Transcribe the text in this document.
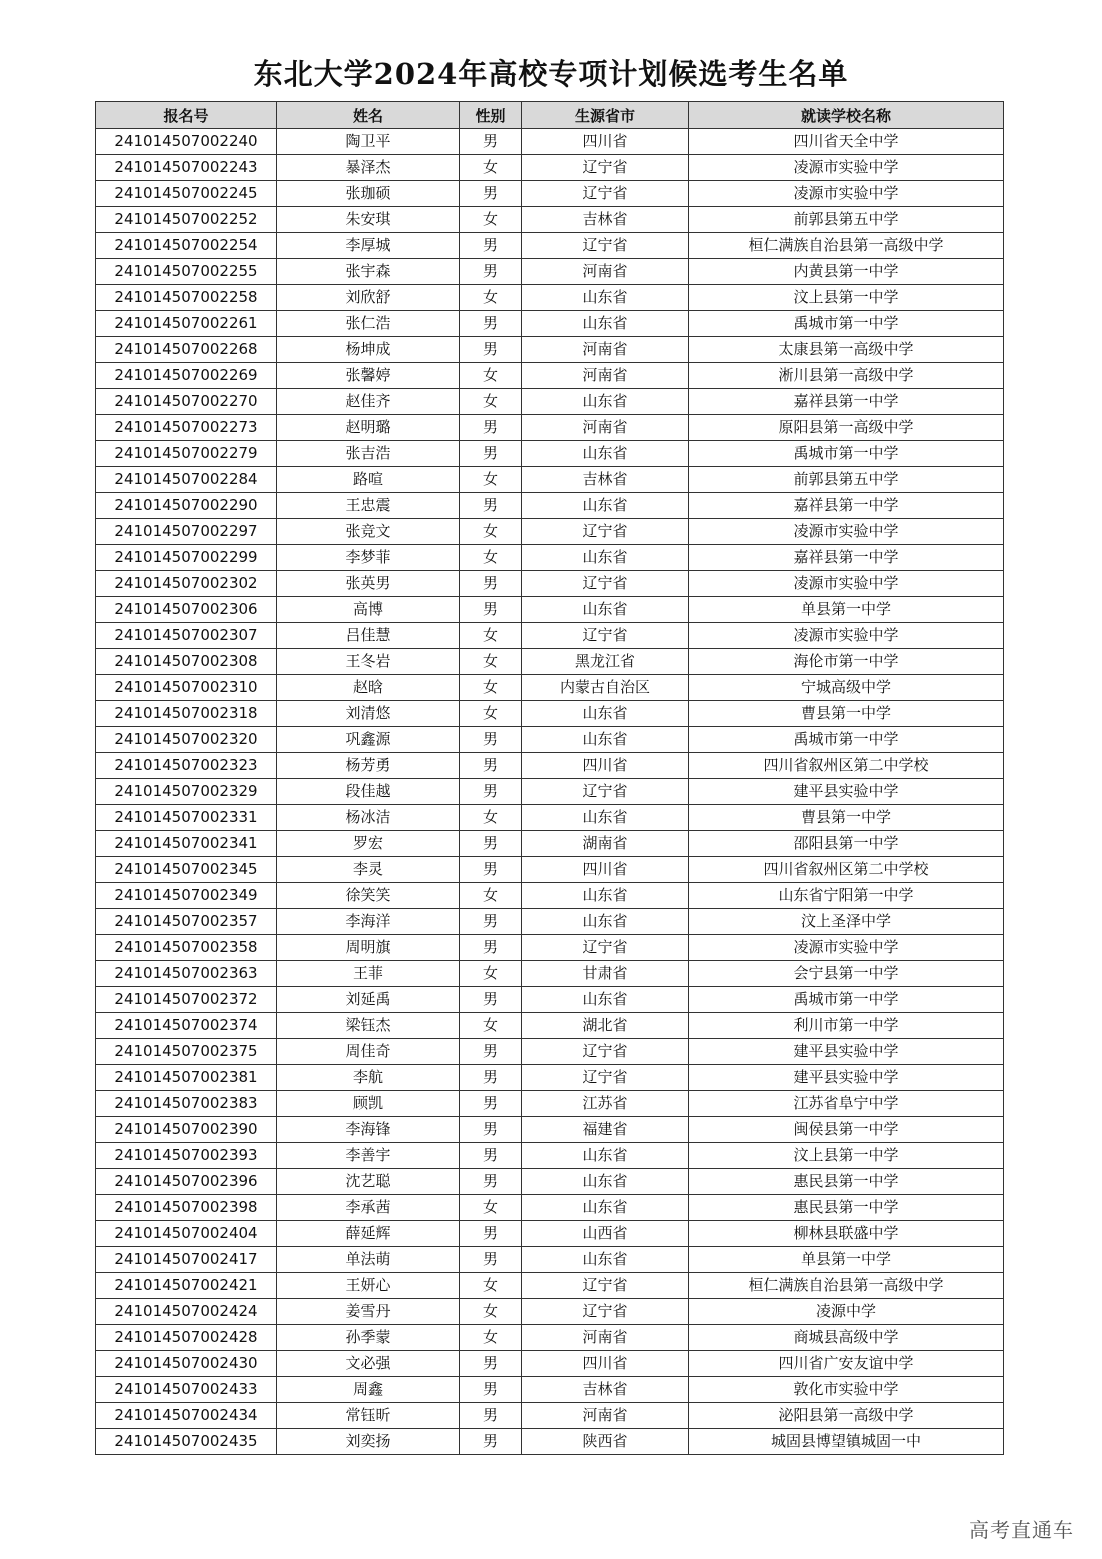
东北大学2024年高校专项计划候选考生名单
报名号	姓名	性别	生源省市	就读学校名称
241014507002240	陶卫平	男	四川省	四川省天全中学
241014507002243	暴泽杰	女	辽宁省	凌源市实验中学
241014507002245	张珈硕	男	辽宁省	凌源市实验中学
241014507002252	朱安琪	女	吉林省	前郭县第五中学
241014507002254	李厚城	男	辽宁省	桓仁满族自治县第一高级中学
241014507002255	张宇森	男	河南省	内黄县第一中学
241014507002258	刘欣舒	女	山东省	汶上县第一中学
241014507002261	张仁浩	男	山东省	禹城市第一中学
241014507002268	杨坤成	男	河南省	太康县第一高级中学
241014507002269	张馨婷	女	河南省	淅川县第一高级中学
241014507002270	赵佳齐	女	山东省	嘉祥县第一中学
241014507002273	赵明璐	男	河南省	原阳县第一高级中学
241014507002279	张吉浩	男	山东省	禹城市第一中学
241014507002284	路喧	女	吉林省	前郭县第五中学
241014507002290	王忠震	男	山东省	嘉祥县第一中学
241014507002297	张竞文	女	辽宁省	凌源市实验中学
241014507002299	李梦菲	女	山东省	嘉祥县第一中学
241014507002302	张英男	男	辽宁省	凌源市实验中学
241014507002306	高博	男	山东省	单县第一中学
241014507002307	吕佳慧	女	辽宁省	凌源市实验中学
241014507002308	王冬岩	女	黑龙江省	海伦市第一中学
241014507002310	赵晗	女	内蒙古自治区	宁城高级中学
241014507002318	刘清悠	女	山东省	曹县第一中学
241014507002320	巩鑫源	男	山东省	禹城市第一中学
241014507002323	杨芳勇	男	四川省	四川省叙州区第二中学校
241014507002329	段佳越	男	辽宁省	建平县实验中学
241014507002331	杨冰洁	女	山东省	曹县第一中学
241014507002341	罗宏	男	湖南省	邵阳县第一中学
241014507002345	李灵	男	四川省	四川省叙州区第二中学校
241014507002349	徐笑笑	女	山东省	山东省宁阳第一中学
241014507002357	李海洋	男	山东省	汶上圣泽中学
241014507002358	周明旗	男	辽宁省	凌源市实验中学
241014507002363	王菲	女	甘肃省	会宁县第一中学
241014507002372	刘延禹	男	山东省	禹城市第一中学
241014507002374	梁钰杰	女	湖北省	利川市第一中学
241014507002375	周佳奇	男	辽宁省	建平县实验中学
241014507002381	李航	男	辽宁省	建平县实验中学
241014507002383	顾凯	男	江苏省	江苏省阜宁中学
241014507002390	李海锋	男	福建省	闽侯县第一中学
241014507002393	李善宇	男	山东省	汶上县第一中学
241014507002396	沈艺聪	男	山东省	惠民县第一中学
241014507002398	李承茜	女	山东省	惠民县第一中学
241014507002404	薛延辉	男	山西省	柳林县联盛中学
241014507002417	单法萌	男	山东省	单县第一中学
241014507002421	王妍心	女	辽宁省	桓仁满族自治县第一高级中学
241014507002424	姜雪丹	女	辽宁省	凌源中学
241014507002428	孙季蒙	女	河南省	商城县高级中学
241014507002430	文必强	男	四川省	四川省广安友谊中学
241014507002433	周鑫	男	吉林省	敦化市实验中学
241014507002434	常钰昕	男	河南省	泌阳县第一高级中学
241014507002435	刘奕扬	男	陕西省	城固县博望镇城固一中
高考直通车
